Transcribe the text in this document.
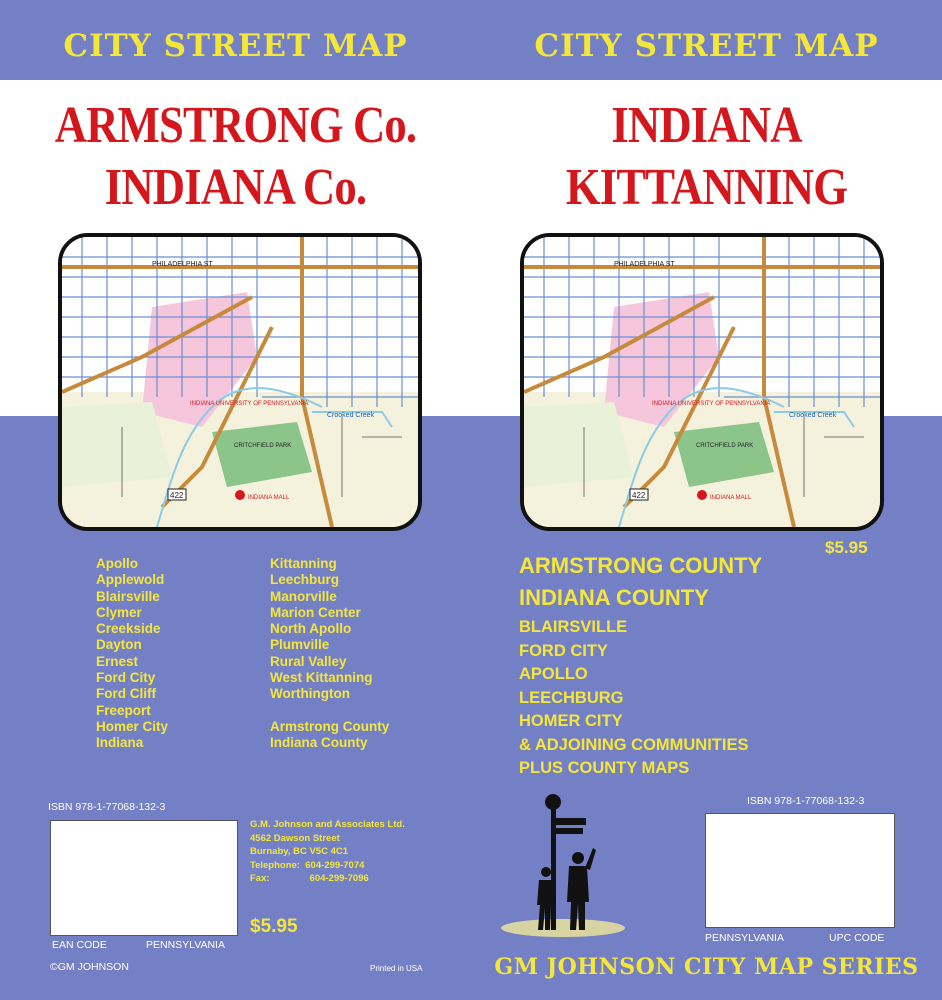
CITY STREET MAP
ARMSTRONG Co.
INDIANA Co.
PHILADELPHIA ST
Crooked Creek
INDIANA UNIVERSITY OF PENNSYLVANIA
CRITCHFIELD PARK
422	INDIANA MALL
Apollo
Applewold
Blairsville
Clymer
Creekside
Dayton
Ernest
Ford City
Ford Cliff
Freeport
Homer City
Indiana
Kittanning
Leechburg
Manorville
Marion Center
North Apollo
Plumville
Rural Valley
West Kittanning
Worthington
Armstrong County
Indiana County
ISBN 978-1-77068-132-3
G.M. Johnson and Associates Ltd.
4562 Dawson Street
Burnaby, BC V5C 4C1
Telephone: 604-299-7074
Fax:	604-299-7096
$5.95
EAN CODE	PENNSYLVANIA
©GM JOHNSON	Printed in USA
CITY STREET MAP
INDIANA
KITTANNING
PHILADELPHIA ST
Crooked Creek
INDIANA UNIVERSITY OF PENNSYLVANIA
CRITCHFIELD PARK
422	INDIANA MALL
$5.95
ARMSTRONG COUNTY
INDIANA COUNTY
BLAIRSVILLE
FORD CITY
APOLLO
LEECHBURG
HOMER CITY
& ADJOINING COMMUNITIES
PLUS COUNTY MAPS
ISBN 978-1-77068-132-3
PENNSYLVANIA	UPC CODE
GM JOHNSON CITY MAP SERIES
